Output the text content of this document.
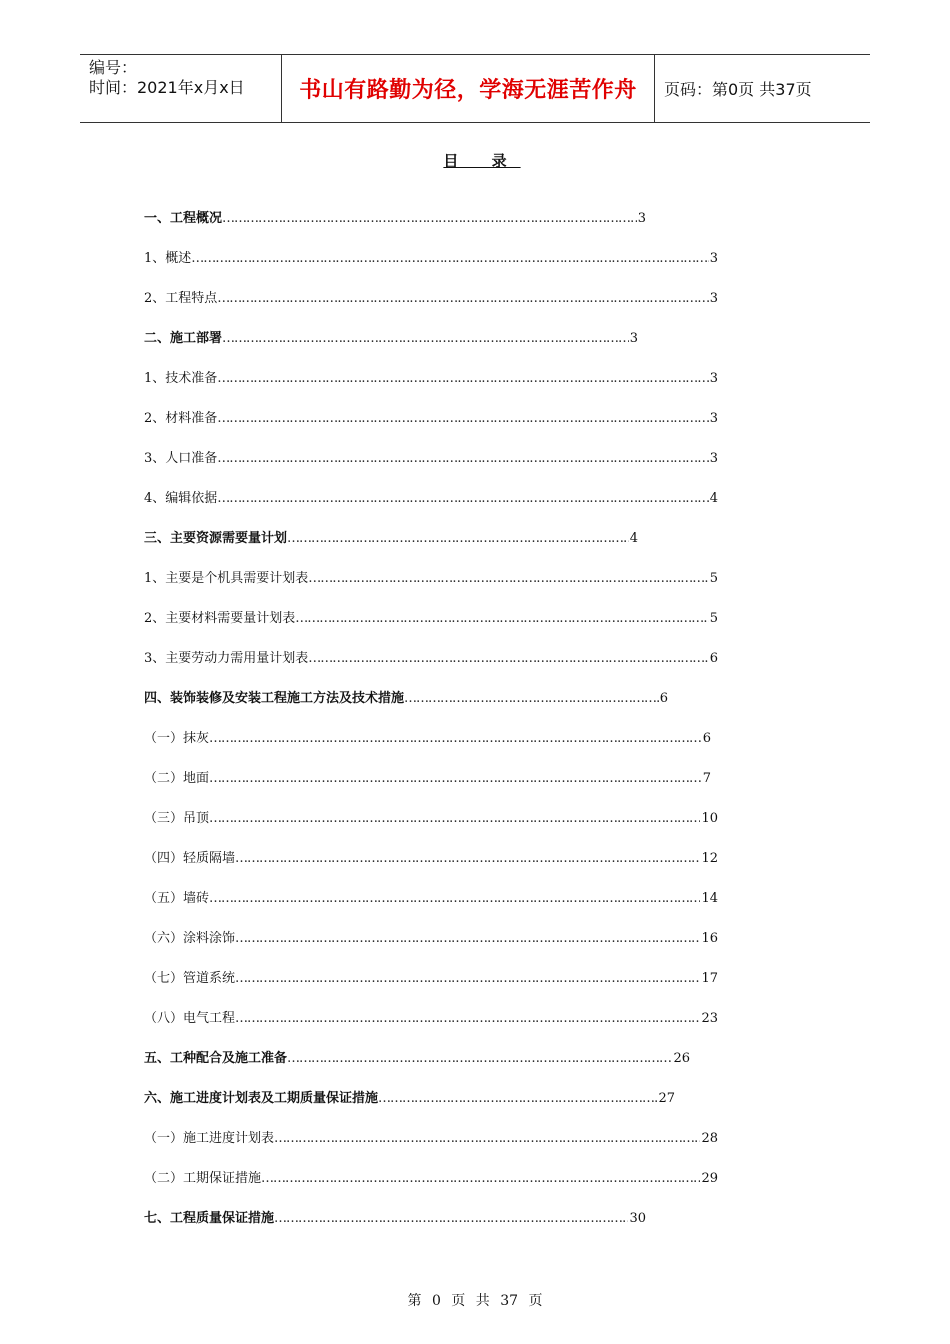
编号：
时间：2021年x月x日	书山有路勤为径，学海无涯苦作舟	页码：第0页 共37页
目 录
一、工程概况 …………………………………………………………………………………………………………………………………………………………………	3
1、概述 …………………………………………………………………………………………………………………………………………………………………	3
2、工程特点 …………………………………………………………………………………………………………………………………………………………………	3
二、施工部署 …………………………………………………………………………………………………………………………………………………………………	3
1、技术准备 …………………………………………………………………………………………………………………………………………………………………	3
2、材料准备 …………………………………………………………………………………………………………………………………………………………………	3
3、人口准备 …………………………………………………………………………………………………………………………………………………………………	3
4、编辑依据 …………………………………………………………………………………………………………………………………………………………………	4
三、主要资源需要量计划 …………………………………………………………………………………………………………………………………………………………………	4
1、主要是个机具需要计划表 …………………………………………………………………………………………………………………………………………………………………	5
2、主要材料需要量计划表 …………………………………………………………………………………………………………………………………………………………………	5
3、主要劳动力需用量计划表 …………………………………………………………………………………………………………………………………………………………………	6
四、装饰装修及安装工程施工方法及技术措施 …………………………………………………………………………………………………………………………………………………………………	6
（一）抹灰 …………………………………………………………………………………………………………………………………………………………………	6
（二）地面 …………………………………………………………………………………………………………………………………………………………………	7
（三）吊顶 …………………………………………………………………………………………………………………………………………………………………	10
（四）轻质隔墙 …………………………………………………………………………………………………………………………………………………………………	12
（五）墙砖 …………………………………………………………………………………………………………………………………………………………………	14
（六）涂料涂饰 …………………………………………………………………………………………………………………………………………………………………	16
（七）管道系统 …………………………………………………………………………………………………………………………………………………………………	17
（八）电气工程 …………………………………………………………………………………………………………………………………………………………………	23
五、工种配合及施工准备 …………………………………………………………………………………………………………………………………………………………………	26
六、施工进度计划表及工期质量保证措施 …………………………………………………………………………………………………………………………………………………………………	27
（一）施工进度计划表 …………………………………………………………………………………………………………………………………………………………………	28
（二）工期保证措施 …………………………………………………………………………………………………………………………………………………………………	29
七、工程质量保证措施 …………………………………………………………………………………………………………………………………………………………………	30
第 0 页 共 37 页
